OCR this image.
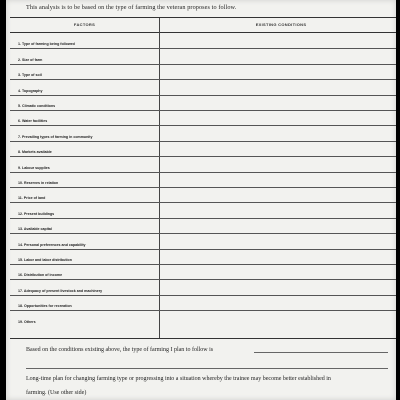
This analysis is to be based on the type of farming the veteran proposes to follow.
FACTORS	EXISTING CONDITIONS
1. Type of farming being followed
2. Size of farm
3. Type of soil
4. Topography
5. Climatic conditions
6. Water facilities
7. Prevailing types of farming in community
8. Markets available
9. Labour supplies
10. Reserves in relation
11. Price of land
12. Present buildings
13. Available capital
14. Personal preferences and capability
15. Labor and labor distribution
16. Distribution of income
17. Adequacy of present livestock and machinery
18. Opportunities for recreation
19. Others
Based on the conditions existing above, the type of farming I plan to follow is
Long-time plan for changing farming type or progressing into a situation whereby the trainee may become better established in
farming. (Use other side)
